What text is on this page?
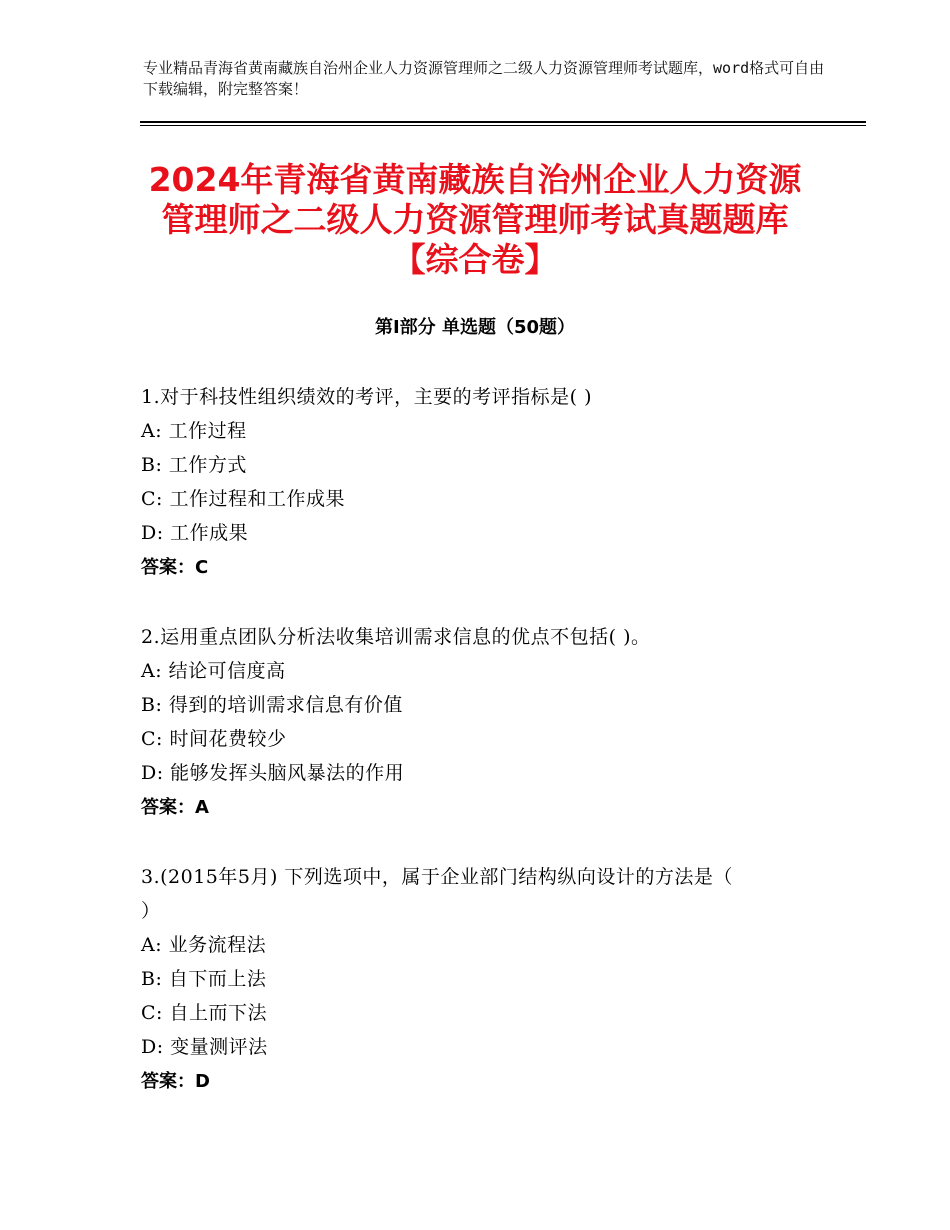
专业精品青海省黄南藏族自治州企业人力资源管理师之二级人力资源管理师考试题库，word格式可自由下载编辑，附完整答案！
2024年青海省黄南藏族自治州企业人力资源
管理师之二级人力资源管理师考试真题题库
【综合卷】
第Ⅰ部分 单选题（50题）
1.对于科技性组织绩效的考评，主要的考评指标是( )
A: 工作过程
B: 工作方式
C: 工作过程和工作成果
D: 工作成果
答案：C
2.运用重点团队分析法收集培训需求信息的优点不包括( )。
A: 结论可信度高
B: 得到的培训需求信息有价值
C: 时间花费较少
D: 能够发挥头脑风暴法的作用
答案：A
3.(2015年5月) 下列选项中，属于企业部门结构纵向设计的方法是（
）
A: 业务流程法
B: 自下而上法
C: 自上而下法
D: 变量测评法
答案：D
